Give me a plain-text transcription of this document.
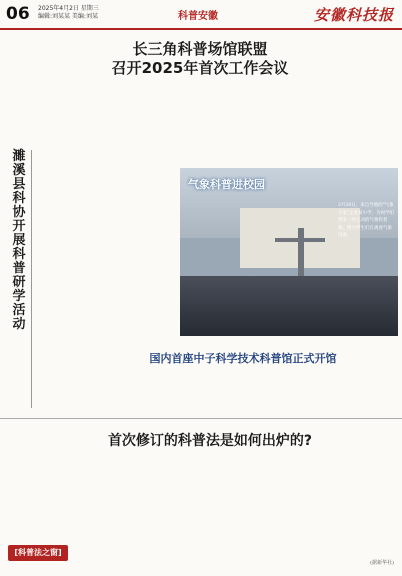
06 2025年4月2日 星期三
编辑:刘某某 美编:刘某	科普安徽	安徽科技报
长三角科普场馆联盟
召开2025年首次工作会议
濉溪县科协开展科普研学活动
气象科普进校园
3月28日，来自当地的"气象专家"走进某小学，为同学们带来一场生动的气象科普课。图为学生们在观看气象设备。
国内首座中子科学技术科普馆正式开馆
首次修订的科普法是如何出炉的?
[科普法之窗]
(据新华社)
